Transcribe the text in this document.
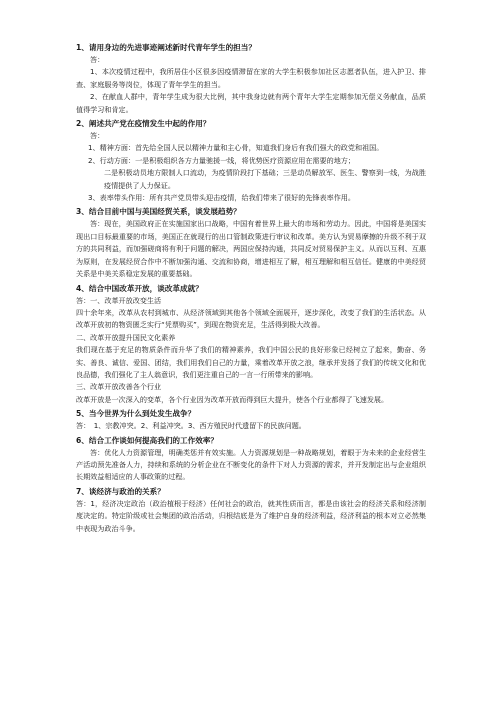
1、请用身边的先进事迹阐述新时代青年学生的担当？
答：
1、本次疫情过程中，我所居住小区很多因疫情滞留在家的大学生积极参加社区志愿者队伍，进入护卫、排查、家庭服务等岗位，体现了青年学生的担当。
2、在献血人群中，青年学生成为很大比例，其中我身边就有两个青年大学生定期参加无偿义务献血，品质值得学习和肯定。
2、阐述共产党在疫情发生中起的作用？
答：
1、精神方面：首先给全国人民以精神力量和主心骨，知道我们身后有我们强大的政党和祖国。
2、行动方面：一是积极组织各方力量驰援一线，将优势医疗资源应用在需要的地方；
二是积极动员地方限制人口流动，为疫情阶段打下基础；三是动员解放军、医生、警察到一线，为战胜疫情提供了人力保证。
3、表率带头作用：所有共产党员带头迎击疫情，给我们带来了很好的先锋表率作用。
3、结合目前中国与美国经贸关系，谈发展趋势？
答：现在，美国政府正在实施国家出口战略，中国有着世界上最大的市场和劳动力。因此，中国将是美国实现出口目标最重要的市场，美国正在就现行的出口管制政策进行审议和改革。美方认为贸易摩擦的升级不利于双方的共同利益，而加强磋商将有利于问题的解决，两国应保持沟通，共同反对贸易保护主义。从而以互利、互惠为原则，在发展经贸合作中不断加强沟通、交流和协商，增进相互了解，相互理解和相互信任。健康的中美经贸关系是中美关系稳定发展的重要基础。
4、结合中国改革开放，谈改革成就？
答：一、改革开放改变生活
四十余年来，改革从农村到城市、从经济领域到其他各个领域全面展开，逐步深化，改变了我们的生活状态。从改革开放初的物资匮乏实行“凭票购买”，到现在物资充足，生活得到极大改善。
二、改革开放提升国民文化素养
我们现在基于充足的物质条件而升华了我们的精神素养，我们中国公民的良好形象已经树立了起来，勤奋、务实、善良、诚信、爱国、团结，我们用我们自己的力量，乘着改革开放之浪，继承并发扬了我们的传统文化和优良品德，我们强化了主人翁意识，我们更注重自己的一言一行所带来的影响。
三、改革开放改善各个行业
改革开放是一次深入的变革，各个行业因为改革开放而得到巨大提升，使各个行业都得了飞速发展。
5、当今世界为什么到处发生战争？
答：　1、宗教冲突。2、利益冲突。3、西方殖民时代遗留下的民族问题。
6、结合工作谈如何提高我们的工作效率？
答：优化人力资源管理，明确类惩并有效实施。人力资源规划是一种战略规划，着眼于为未来的企业经营生产活动预先准备人力，持续和系统的分析企业在不断变化的条件下对人力资源的需求，并开发制定出与企业组织长期效益相适应的人事政策的过程。
7、谈经济与政治的关系？
答：1，经济决定政治（政治植根于经济）任何社会的政治，就其性质而言，都是由该社会的经济关系和经济制度决定的。特定阶级或社会集团的政治活动，归根结底是为了维护自身的经济利益，经济利益的根本对立必然集中表现为政治斗争。
